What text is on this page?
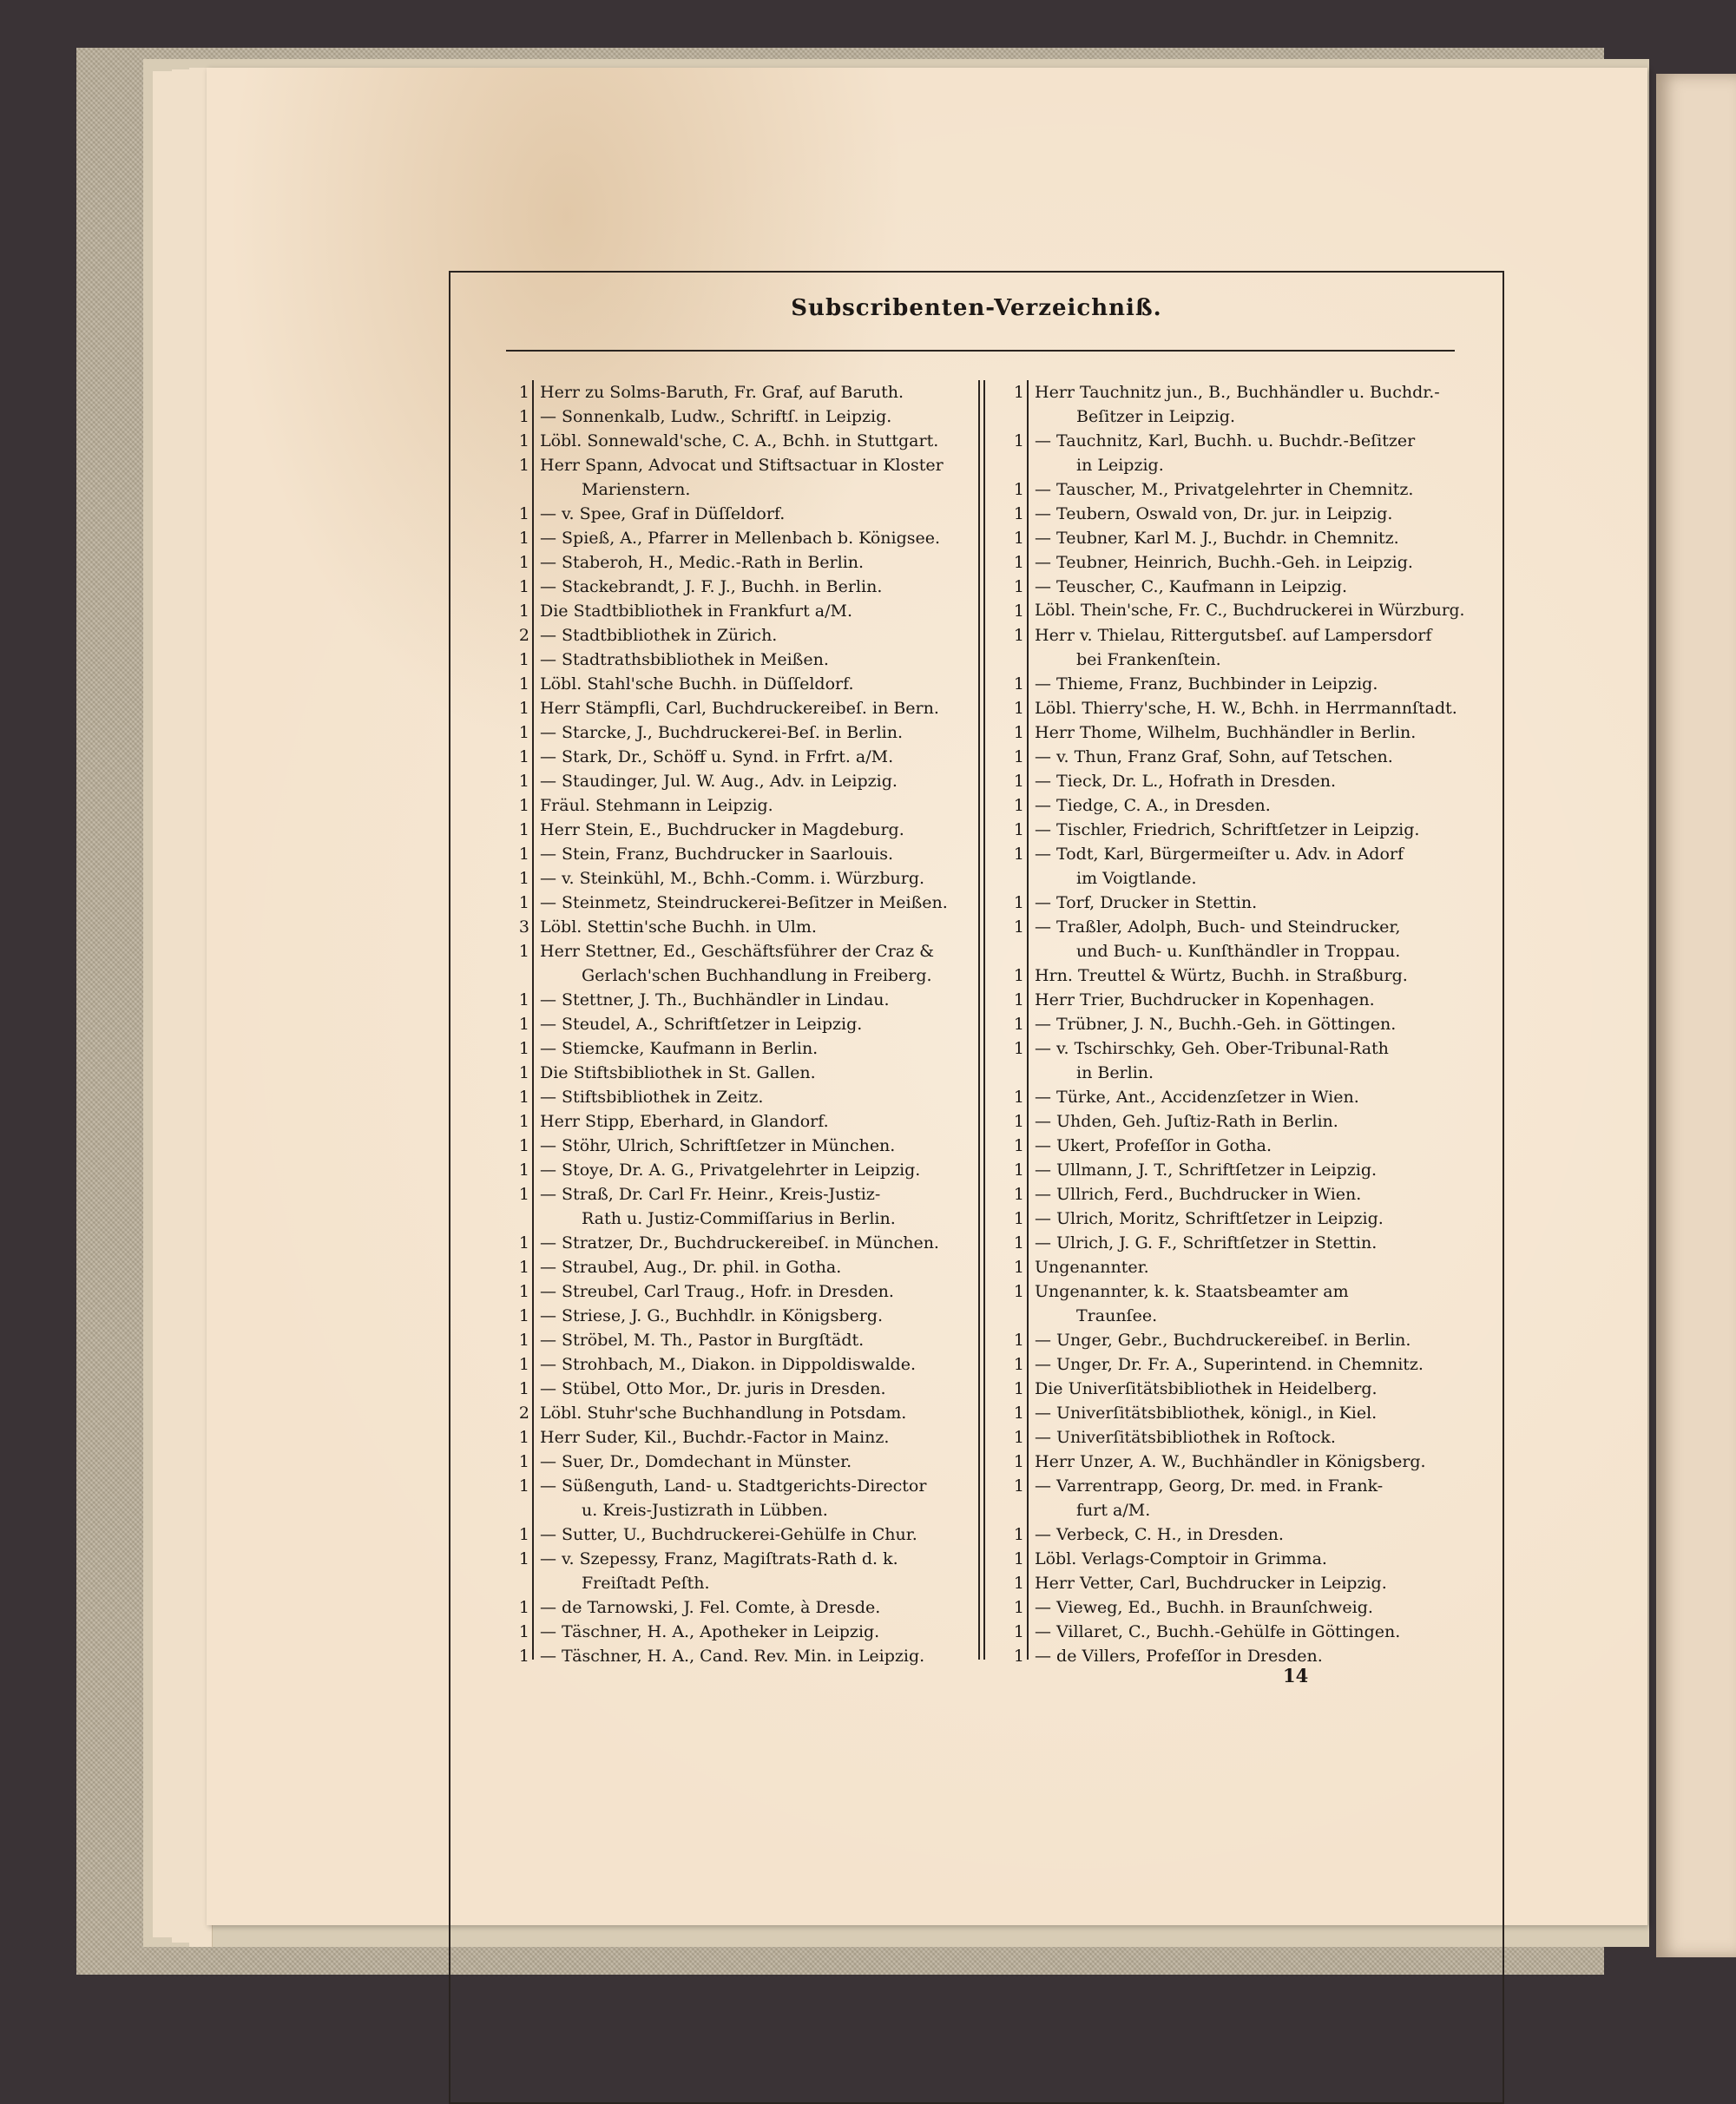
Subscribenten-Verzeichniß.
1 Herr zu Solms-Baruth, Fr. Graf, auf Baruth.
1 — Sonnenkalb, Ludw., Schriftſ. in Leipzig.
1 Löbl. Sonnewald'sche, C. A., Bchh. in Stuttgart.
1 Herr Spann, Advocat und Stiftsactuar in Kloster
Marienstern.
1 — v. Spee, Graf in Düſſeldorf.
1 — Spieß, A., Pfarrer in Mellenbach b. Königsee.
1 — Staberoh, H., Medic.-Rath in Berlin.
1 — Stackebrandt, J. F. J., Buchh. in Berlin.
1 Die Stadtbibliothek in Frankfurt a/M.
2 — Stadtbibliothek in Zürich.
1 — Stadtrathsbibliothek in Meißen.
1 Löbl. Stahl'sche Buchh. in Düſſeldorf.
1 Herr Stämpfli, Carl, Buchdruckereibeſ. in Bern.
1 — Starcke, J., Buchdruckerei-Beſ. in Berlin.
1 — Stark, Dr., Schöff u. Synd. in Frfrt. a/M.
1 — Staudinger, Jul. W. Aug., Adv. in Leipzig.
1 Fräul. Stehmann in Leipzig.
1 Herr Stein, E., Buchdrucker in Magdeburg.
1 — Stein, Franz, Buchdrucker in Saarlouis.
1 — v. Steinkühl, M., Bchh.-Comm. i. Würzburg.
1 — Steinmetz, Steindruckerei-Beſitzer in Meißen.
3 Löbl. Stettin'sche Buchh. in Ulm.
1 Herr Stettner, Ed., Geschäftsführer der Craz &
Gerlach'schen Buchhandlung in Freiberg.
1 — Stettner, J. Th., Buchhändler in Lindau.
1 — Steudel, A., Schriftſetzer in Leipzig.
1 — Stiemcke, Kaufmann in Berlin.
1 Die Stiftsbibliothek in St. Gallen.
1 — Stiftsbibliothek in Zeitz.
1 Herr Stipp, Eberhard, in Glandorf.
1 — Stöhr, Ulrich, Schriftſetzer in München.
1 — Stoye, Dr. A. G., Privatgelehrter in Leipzig.
1 — Straß, Dr. Carl Fr. Heinr., Kreis-Justiz-
Rath u. Justiz-Commiſſarius in Berlin.
1 — Stratzer, Dr., Buchdruckereibeſ. in München.
1 — Straubel, Aug., Dr. phil. in Gotha.
1 — Streubel, Carl Traug., Hofr. in Dresden.
1 — Striese, J. G., Buchhdlr. in Königsberg.
1 — Ströbel, M. Th., Pastor in Burgſtädt.
1 — Strohbach, M., Diakon. in Dippoldiswalde.
1 — Stübel, Otto Mor., Dr. juris in Dresden.
2 Löbl. Stuhr'sche Buchhandlung in Potsdam.
1 Herr Suder, Kil., Buchdr.-Factor in Mainz.
1 — Suer, Dr., Domdechant in Münster.
1 — Süßenguth, Land- u. Stadtgerichts-Director
u. Kreis-Justizrath in Lübben.
1 — Sutter, U., Buchdruckerei-Gehülfe in Chur.
1 — v. Szepessy, Franz, Magiſtrats-Rath d. k.
Freiſtadt Peſth.
1 — de Tarnowski, J. Fel. Comte, à Dresde.
1 — Täschner, H. A., Apotheker in Leipzig.
1 — Täschner, H. A., Cand. Rev. Min. in Leipzig.
1 Herr Tauchnitz jun., B., Buchhändler u. Buchdr.-
Beſitzer in Leipzig.
1 — Tauchnitz, Karl, Buchh. u. Buchdr.-Beſitzer
in Leipzig.
1 — Tauscher, M., Privatgelehrter in Chemnitz.
1 — Teubern, Oswald von, Dr. jur. in Leipzig.
1 — Teubner, Karl M. J., Buchdr. in Chemnitz.
1 — Teubner, Heinrich, Buchh.-Geh. in Leipzig.
1 — Teuscher, C., Kaufmann in Leipzig.
1 Löbl. Thein'sche, Fr. C., Buchdruckerei in Würzburg.
1 Herr v. Thielau, Rittergutsbeſ. auf Lampersdorf
bei Frankenſtein.
1 — Thieme, Franz, Buchbinder in Leipzig.
1 Löbl. Thierry'sche, H. W., Bchh. in Herrmannſtadt.
1 Herr Thome, Wilhelm, Buchhändler in Berlin.
1 — v. Thun, Franz Graf, Sohn, auf Tetschen.
1 — Tieck, Dr. L., Hofrath in Dresden.
1 — Tiedge, C. A., in Dresden.
1 — Tischler, Friedrich, Schriftſetzer in Leipzig.
1 — Todt, Karl, Bürgermeiſter u. Adv. in Adorf
im Voigtlande.
1 — Torf, Drucker in Stettin.
1 — Traßler, Adolph, Buch- und Steindrucker,
und Buch- u. Kunſthändler in Troppau.
1 Hrn. Treuttel & Würtz, Buchh. in Straßburg.
1 Herr Trier, Buchdrucker in Kopenhagen.
1 — Trübner, J. N., Buchh.-Geh. in Göttingen.
1 — v. Tschirschky, Geh. Ober-Tribunal-Rath
in Berlin.
1 — Türke, Ant., Accidenzſetzer in Wien.
1 — Uhden, Geh. Juſtiz-Rath in Berlin.
1 — Ukert, Profeſſor in Gotha.
1 — Ullmann, J. T., Schriftſetzer in Leipzig.
1 — Ullrich, Ferd., Buchdrucker in Wien.
1 — Ulrich, Moritz, Schriftſetzer in Leipzig.
1 — Ulrich, J. G. F., Schriftſetzer in Stettin.
1 Ungenannter.
1 Ungenannter, k. k. Staatsbeamter am
Traunſee.
1 — Unger, Gebr., Buchdruckereibeſ. in Berlin.
1 — Unger, Dr. Fr. A., Superintend. in Chemnitz.
1 Die Univerſitätsbibliothek in Heidelberg.
1 — Univerſitätsbibliothek, königl., in Kiel.
1 — Univerſitätsbibliothek in Roſtock.
1 Herr Unzer, A. W., Buchhändler in Königsberg.
1 — Varrentrapp, Georg, Dr. med. in Frank-
furt a/M.
1 — Verbeck, C. H., in Dresden.
1 Löbl. Verlags-Comptoir in Grimma.
1 Herr Vetter, Carl, Buchdrucker in Leipzig.
1 — Vieweg, Ed., Buchh. in Braunſchweig.
1 — Villaret, C., Buchh.-Gehülfe in Göttingen.
1 — de Villers, Profeſſor in Dresden.
14
